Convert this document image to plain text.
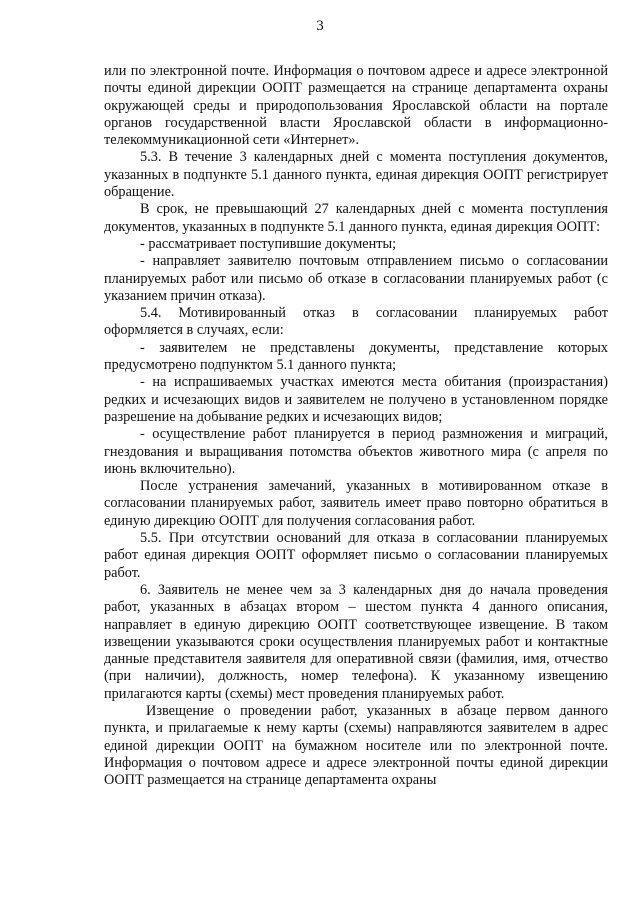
3

или по электронной почте. Информация о почтовом адресе и адресе электронной почты единой дирекции ООПТ размещается на странице департамента охраны окружающей среды и природопользования Ярославской области на портале органов государственной власти Ярославской области в информационно-телекоммуникационной сети «Интернет».

5.3. В течение 3 календарных дней с момента поступления документов, указанных в подпункте 5.1 данного пункта, единая дирекция ООПТ регистрирует обращение.

В срок, не превышающий 27 календарных дней с момента поступления документов, указанных в подпункте 5.1 данного пункта, единая дирекция ООПТ:

- рассматривает поступившие документы;

- направляет заявителю почтовым отправлением письмо о согласовании планируемых работ или письмо об отказе в согласовании планируемых работ (с указанием причин отказа).

5.4. Мотивированный отказ в согласовании планируемых работ оформляется в случаях, если:

- заявителем не представлены документы, представление которых предусмотрено подпунктом 5.1 данного пункта;

- на испрашиваемых участках имеются места обитания (произрастания) редких и исчезающих видов и заявителем не получено в установленном порядке разрешение на добывание редких и исчезающих видов;

- осуществление работ планируется в период размножения и миграций, гнездования и выращивания потомства объектов животного мира (с апреля по июнь включительно).

После устранения замечаний, указанных в мотивированном отказе в согласовании планируемых работ, заявитель имеет право повторно обратиться в единую дирекцию ООПТ для получения согласования работ.

5.5. При отсутствии оснований для отказа в согласовании планируемых работ единая дирекция ООПТ оформляет письмо о согласовании планируемых работ.

6. Заявитель не менее чем за 3 календарных дня до начала проведения работ, указанных в абзацах втором – шестом пункта 4 данного описания, направляет в единую дирекцию ООПТ соответствующее извещение. В таком извещении указываются сроки осуществления планируемых работ и контактные данные представителя заявителя для оперативной связи (фамилия, имя, отчество (при наличии), должность, номер телефона). К указанному извещению прилагаются карты (схемы) мест проведения планируемых работ.

Извещение о проведении работ, указанных в абзаце первом данного пункта, и прилагаемые к нему карты (схемы) направляются заявителем в адрес единой дирекции ООПТ на бумажном носителе или по электронной почте. Информация о почтовом адресе и адресе электронной почты единой дирекции ООПТ размещается на странице департамента охраны
